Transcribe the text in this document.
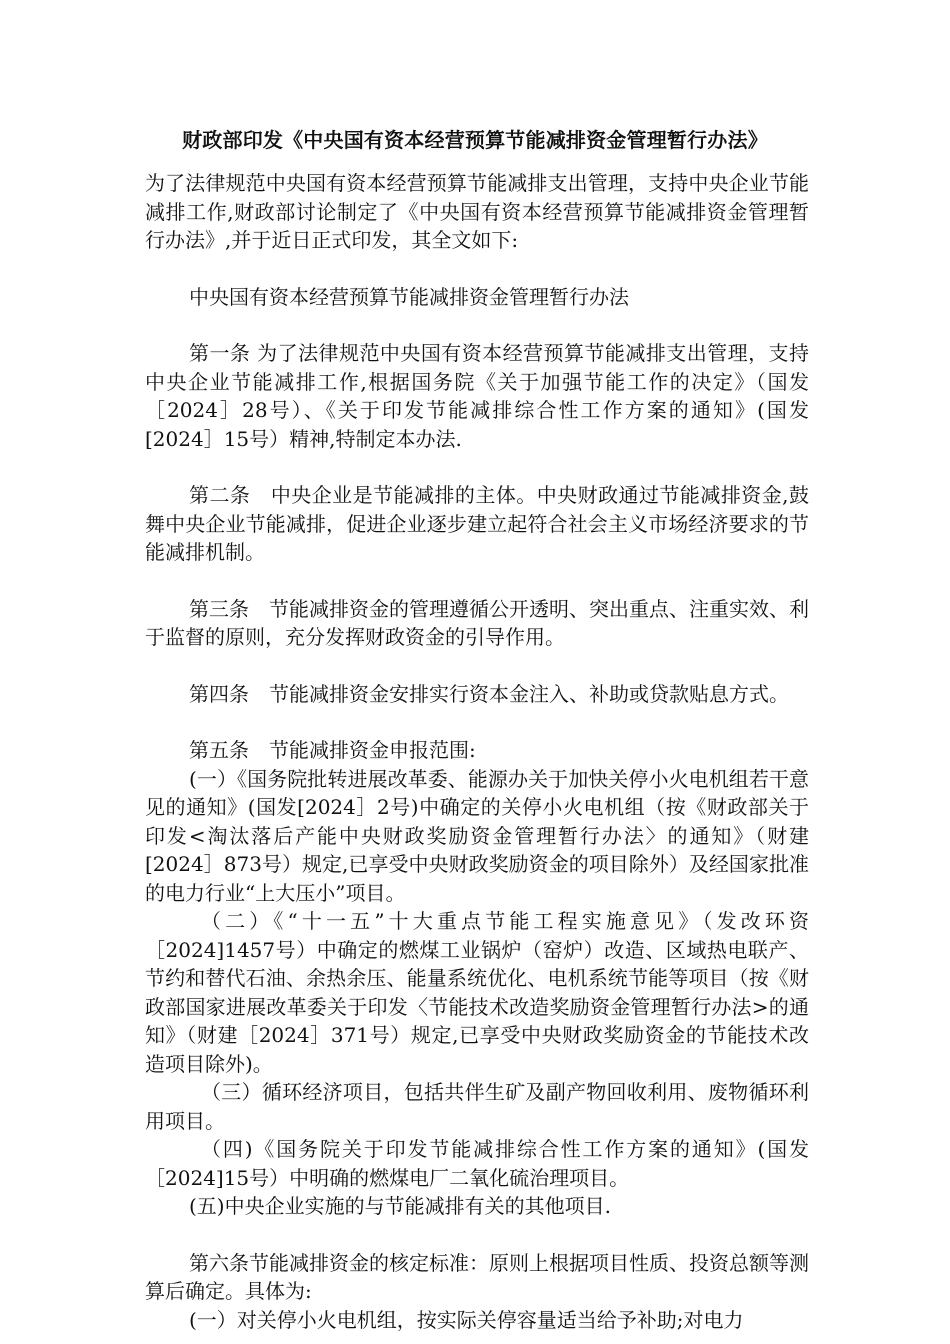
财政部印发《中央国有资本经营预算节能减排资金管理暂行办法》

为了法律规范中央国有资本经营预算节能减排支出管理，支持中央企业节能减排工作,财政部讨论制定了《中央国有资本经营预算节能减排资金管理暂行办法》,并于近日正式印发，其全文如下:

中央国有资本经营预算节能减排资金管理暂行办法

第一条 为了法律规范中央国有资本经营预算节能减排支出管理，支持中央企业节能减排工作,根据国务院《关于加强节能工作的决定》（国发［2024］28号）、《关于印发节能减排综合性工作方案的通知》(国发[2024］15号）精神,特制定本办法.

第二条　中央企业是节能减排的主体。中央财政通过节能减排资金,鼓舞中央企业节能减排，促进企业逐步建立起符合社会主义市场经济要求的节能减排机制。

第三条　节能减排资金的管理遵循公开透明、突出重点、注重实效、利于监督的原则，充分发挥财政资金的引导作用。

第四条　节能减排资金安排实行资本金注入、补助或贷款贴息方式。

第五条　节能减排资金申报范围:

(一）《国务院批转进展改革委、能源办关于加快关停小火电机组若干意见的通知》(国发[2024］2号)中确定的关停小火电机组（按《财政部关于印发<淘汰落后产能中央财政奖励资金管理暂行办法〉的通知》（财建[2024］873号）规定,已享受中央财政奖励资金的项目除外）及经国家批准的电力行业“上大压小”项目。

（二）《“十一五”十大重点节能工程实施意见》（发改环资［2024]1457号）中确定的燃煤工业锅炉（窑炉）改造、区域热电联产、节约和替代石油、余热余压、能量系统优化、电机系统节能等项目（按《财政部国家进展改革委关于印发〈节能技术改造奖励资金管理暂行办法>的通知》（财建［2024］371号）规定,已享受中央财政奖励资金的节能技术改造项目除外)。

（三）循环经济项目，包括共伴生矿及副产物回收利用、废物循环利用项目。

（四)《国务院关于印发节能减排综合性工作方案的通知》(国发［2024]15号）中明确的燃煤电厂二氧化硫治理项目。

(五)中央企业实施的与节能减排有关的其他项目.

第六条节能减排资金的核定标准：原则上根据项目性质、投资总额等测算后确定。具体为:

(一）对关停小火电机组，按实际关停容量适当给予补助;对电力
